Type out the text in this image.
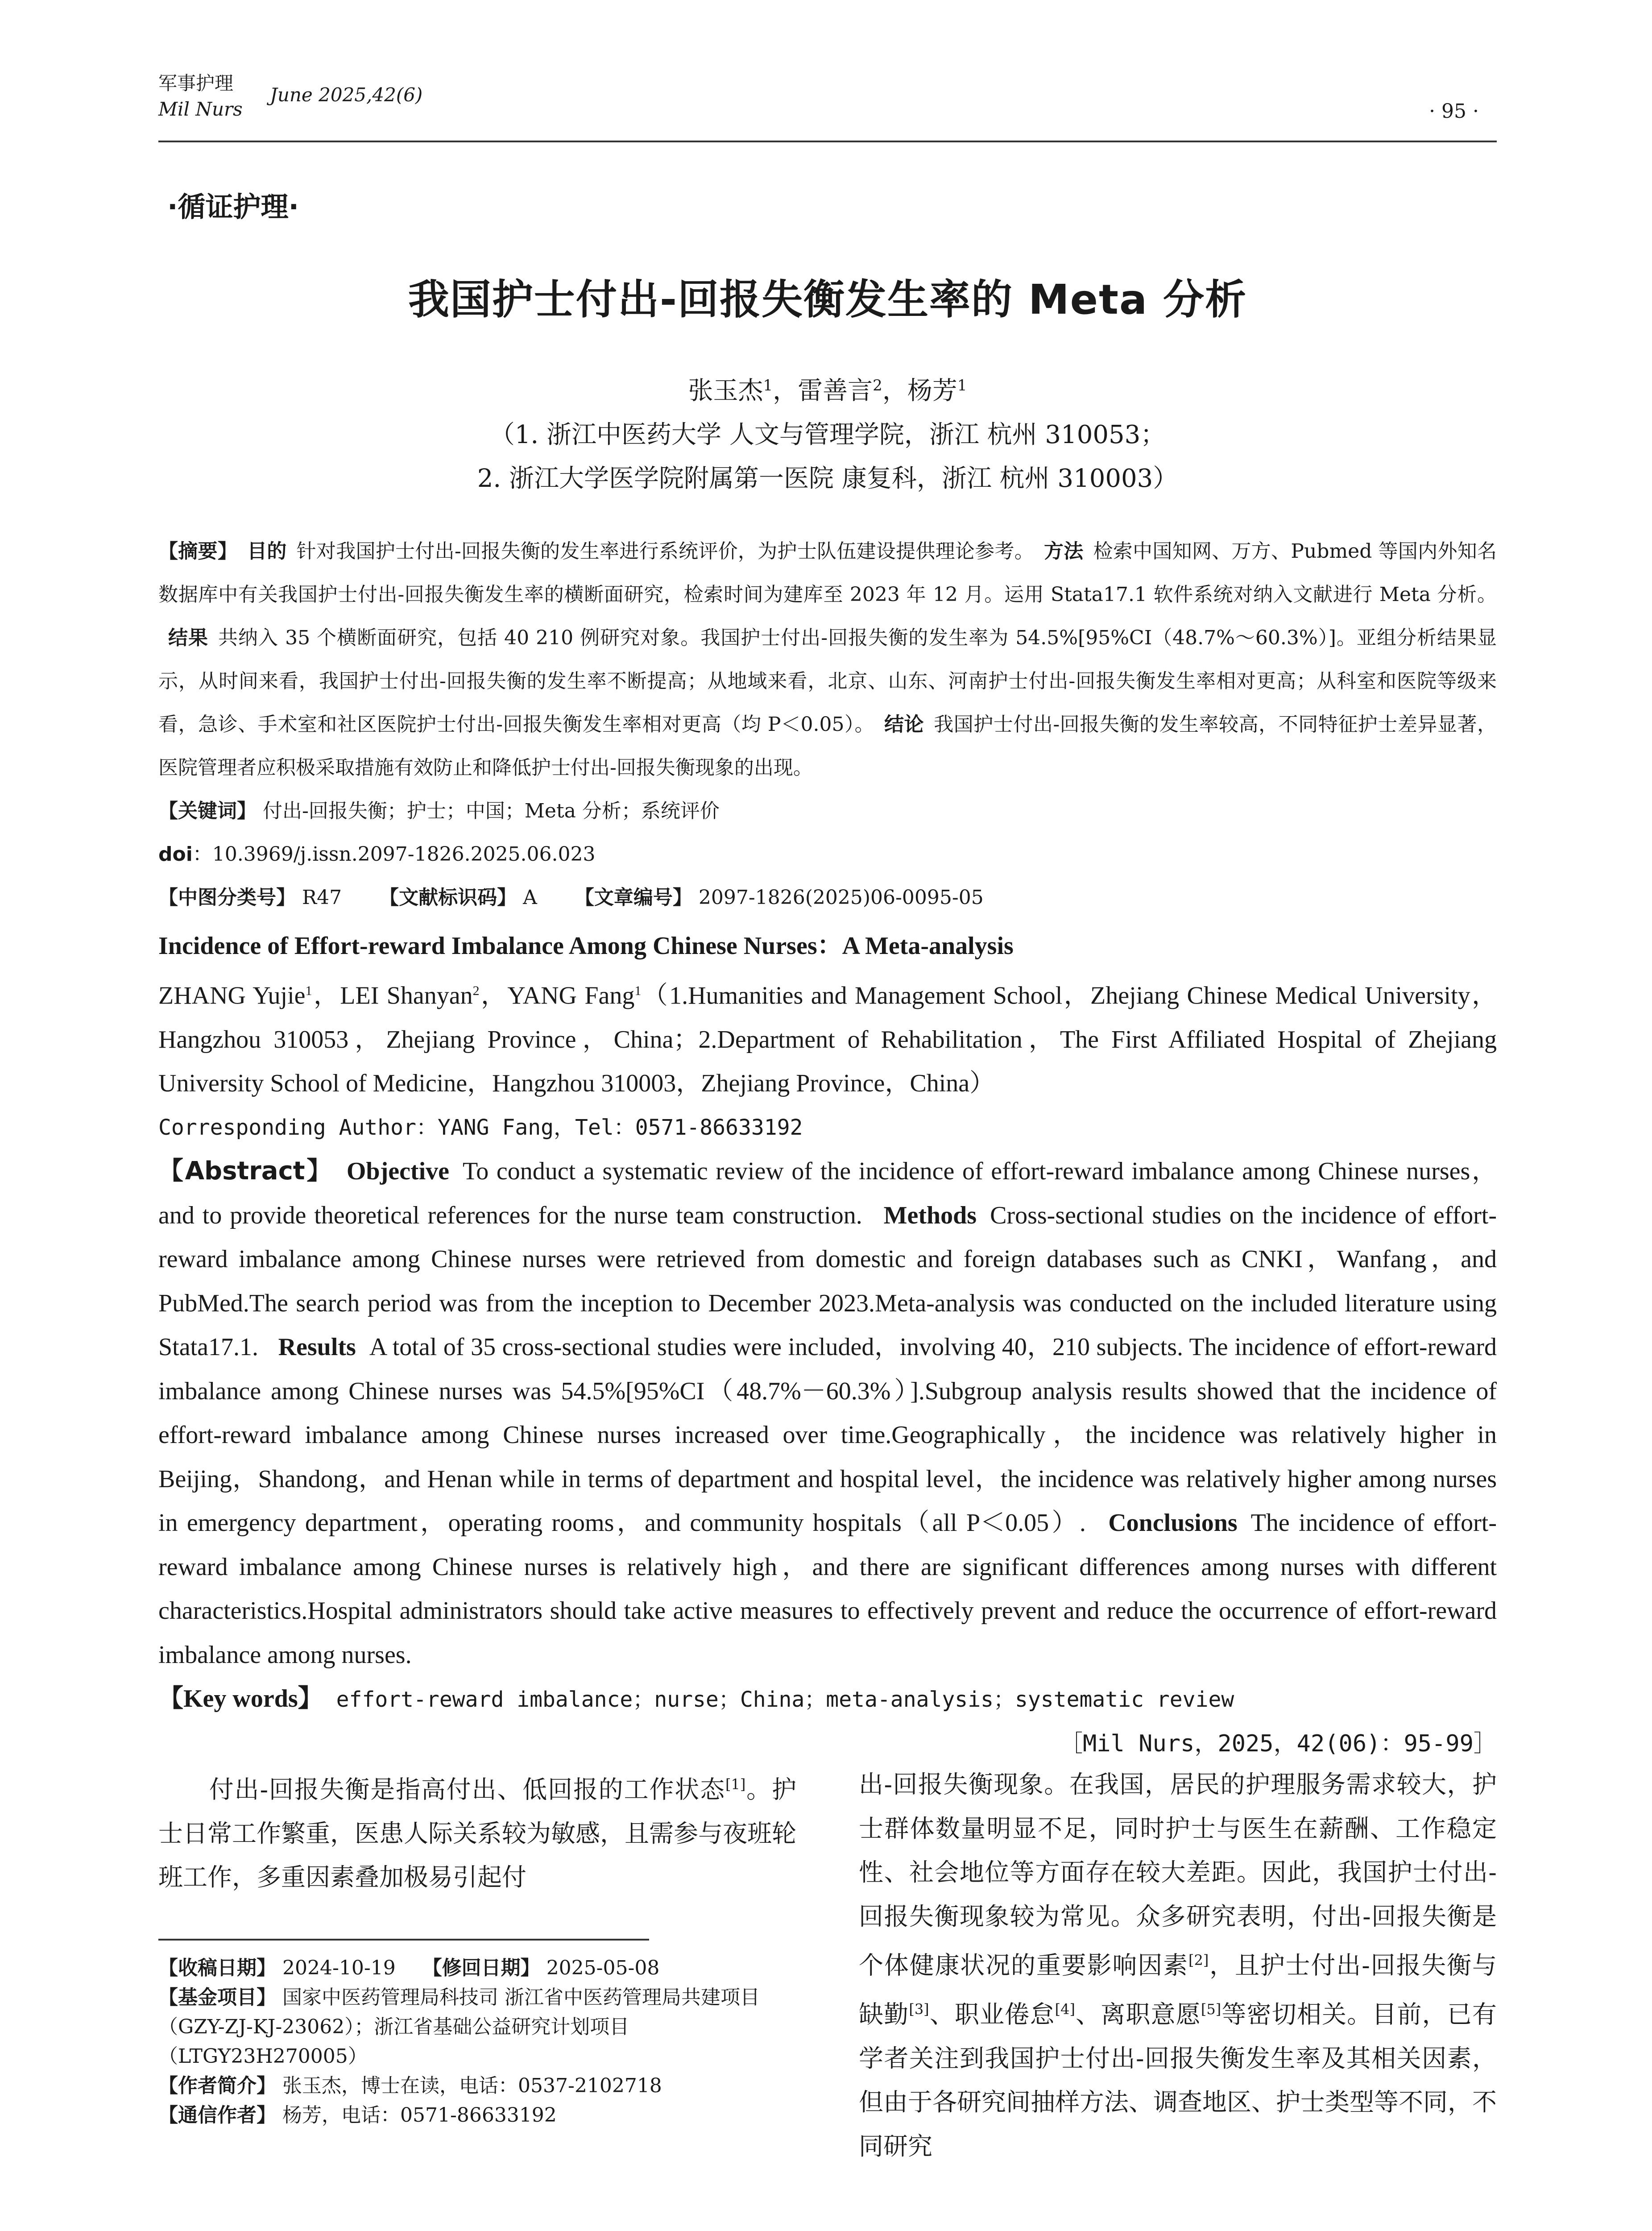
军事护理
Mil Nurs
June 2025,42(6)
· 95 ·
·循证护理·
我国护士付出-回报失衡发生率的 Meta 分析
张玉杰$^1$，雷善言$^2$，杨芳$^1$
（1. 浙江中医药大学 人文与管理学院，浙江 杭州 310053；
2. 浙江大学医学院附属第一医院 康复科，浙江 杭州 310003）
【摘要】 目的 针对我国护士付出-回报失衡的发生率进行系统评价，为护士队伍建设提供理论参考。 方法 检索中国知网、万方、Pubmed 等国内外知名数据库中有关我国护士付出-回报失衡发生率的横断面研究，检索时间为建库至 2023 年 12 月。运用 Stata17.1 软件系统对纳入文献进行 Meta 分析。结果 共纳入 35 个横断面研究，包括 40 210 例研究对象。我国护士付出-回报失衡的发生率为 54.5%[95%CI（48.7%～60.3%）]。亚组分析结果显示，从时间来看，我国护士付出-回报失衡的发生率不断提高；从地域来看，北京、山东、河南护士付出-回报失衡发生率相对更高；从科室和医院等级来看，急诊、手术室和社区医院护士付出-回报失衡发生率相对更高（均 P＜0.05）。 结论 我国护士付出-回报失衡的发生率较高，不同特征护士差异显著，医院管理者应积极采取措施有效防止和降低护士付出-回报失衡现象的出现。
【关键词】 付出-回报失衡；护士；中国；Meta 分析；系统评价
doi：10.3969/j.issn.2097-1826.2025.06.023
【中图分类号】 R47 【文献标识码】 A 【文章编号】 2097-1826(2025)06-0095-05
Incidence of Effort-reward Imbalance Among Chinese Nurses：A Meta-analysis
ZHANG Yujie$^1$，LEI Shanyan$^2$，YANG Fang$^1$（1.Humanities and Management School，Zhejiang Chinese Medical University，Hangzhou 310053，Zhejiang Province，China；2.Department of Rehabilitation，The First Affiliated Hospital of Zhejiang University School of Medicine，Hangzhou 310003，Zhejiang Province，China）
Corresponding Author：YANG Fang，Tel：0571-86633192
【Abstract】 Objective To conduct a systematic review of the incidence of effort-reward imbalance among Chinese nurses，and to provide theoretical references for the nurse team construction. Methods Cross-sectional studies on the incidence of effort-reward imbalance among Chinese nurses were retrieved from domestic and foreign databases such as CNKI，Wanfang，and PubMed.The search period was from the inception to December 2023.Meta-analysis was conducted on the included literature using Stata17.1. Results A total of 35 cross-sectional studies were included，involving 40，210 subjects. The incidence of effort-reward imbalance among Chinese nurses was 54.5%[95%CI（48.7%－60.3%）].Subgroup analysis results showed that the incidence of effort-reward imbalance among Chinese nurses increased over time.Geographically，the incidence was relatively higher in Beijing，Shandong，and Henan while in terms of department and hospital level，the incidence was relatively higher among nurses in emergency department，operating rooms，and community hospitals（all P＜0.05）. Conclusions The incidence of effort-reward imbalance among Chinese nurses is relatively high，and there are significant differences among nurses with different characteristics.Hospital administrators should take active measures to effectively prevent and reduce the occurrence of effort-reward imbalance among nurses.
【Key words】 effort-reward imbalance；nurse；China；meta-analysis；systematic review
［Mil Nurs，2025，42(06)：95-99］
付出-回报失衡是指高付出、低回报的工作状态[1]。护士日常工作繁重，医患人际关系较为敏感，且需参与夜班轮班工作，多重因素叠加极易引起付
【收稿日期】 2024-10-19 【修回日期】 2025-05-08
【基金项目】 国家中医药管理局科技司 浙江省中医药管理局共建项目（GZY-ZJ-KJ-23062）；浙江省基础公益研究计划项目（LTGY23H270005）
【作者简介】 张玉杰，博士在读，电话：0537-2102718
【通信作者】 杨芳，电话：0571-86633192
出-回报失衡现象。在我国，居民的护理服务需求较大，护士群体数量明显不足，同时护士与医生在薪酬、工作稳定性、社会地位等方面存在较大差距。因此，我国护士付出-回报失衡现象较为常见。众多研究表明，付出-回报失衡是个体健康状况的重要影响因素[2]，且护士付出-回报失衡与缺勤[3]、职业倦怠[4]、离职意愿[5]等密切相关。目前，已有学者关注到我国护士付出-回报失衡发生率及其相关因素，但由于各研究间抽样方法、调查地区、护士类型等不同，不同研究
